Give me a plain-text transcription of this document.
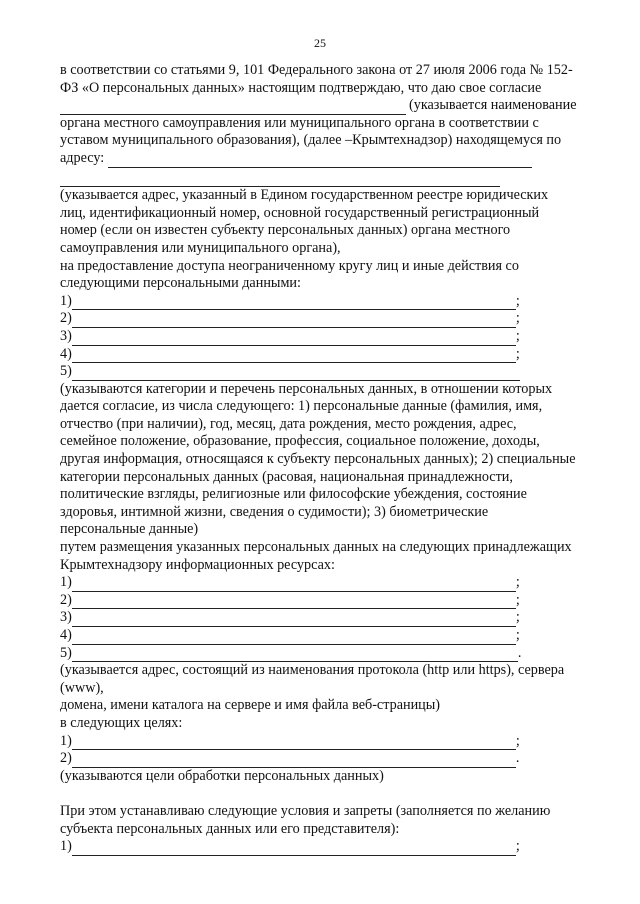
25
в соответствии со статьями 9, 101 Федерального закона от 27 июля 2006 года № 152-
ФЗ «О персональных данных» настоящим подтверждаю, что даю свое согласие
(указывается наименование
органа местного самоуправления или муниципального органа в соответствии с
уставом муниципального образования), (далее –Крымтехнадзор) находящемуся по
адресу:
(указывается адрес, указанный в Едином государственном реестре юридических
лиц, идентификационный номер, основной государственный регистрационный
номер (если он известен субъекту персональных данных) органа местного
самоуправления или муниципального органа),
на предоставление доступа неограниченному кругу лиц и иные действия со
следующими персональными данными:
1)	;
2)	;
3)	;
4)	;
5)
(указываются категории и перечень персональных данных, в отношении которых
дается согласие, из числа следующего: 1) персональные данные (фамилия, имя,
отчество (при наличии), год, месяц, дата рождения, место рождения, адрес,
семейное положение, образование, профессия, социальное положение, доходы,
другая информация, относящаяся к субъекту персональных данных); 2) специальные
категории персональных данных (расовая, национальная принадлежности,
политические взгляды, религиозные или философские убеждения, состояние
здоровья, интимной жизни, сведения о судимости); 3) биометрические
персональные данные)
путем размещения указанных персональных данных на следующих принадлежащих
Крымтехнадзору информационных ресурсах:
1)	;
2)	;
3)	;
4)	;
5)	.
(указывается адрес, состоящий из наименования протокола (http или https), сервера
(www),
домена, имени каталога на сервере и имя файла веб-страницы)
в следующих целях:
1)	;
2)	.
(указываются цели обработки персональных данных)
При этом устанавливаю следующие условия и запреты (заполняется по желанию
субъекта персональных данных или его представителя):
1)	;
